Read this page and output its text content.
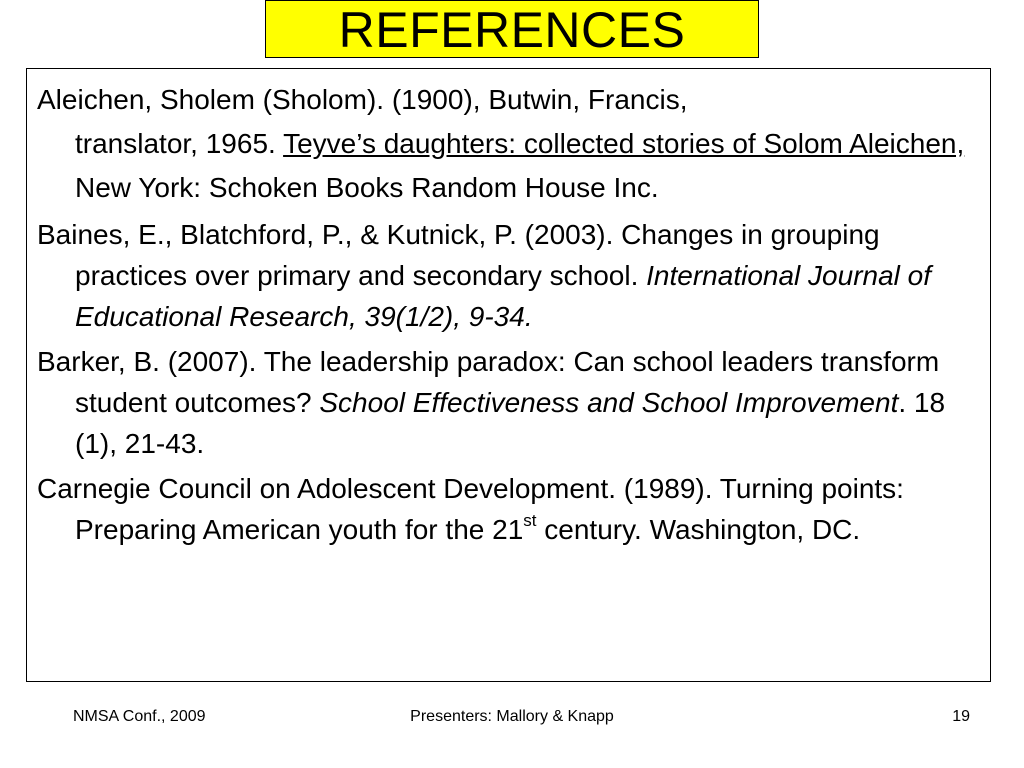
REFERENCES

Aleichen, Sholem (Sholom). (1900), Butwin, Francis,
translator, 1965. Teyve’s daughters: collected stories of Solom Aleichen, New York: Schoken Books Random House Inc.

Baines, E., Blatchford, P., & Kutnick, P. (2003). Changes in grouping practices over primary and secondary school. International Journal of Educational Research, 39(1/2), 9-34.

Barker, B. (2007). The leadership paradox: Can school leaders transform student outcomes? School Effectiveness and School Improvement. 18 (1), 21-43.

Carnegie Council on Adolescent Development. (1989). Turning points: Preparing American youth for the 21st century. Washington, DC.

NMSA Conf., 2009	Presenters: Mallory & Knapp	19
